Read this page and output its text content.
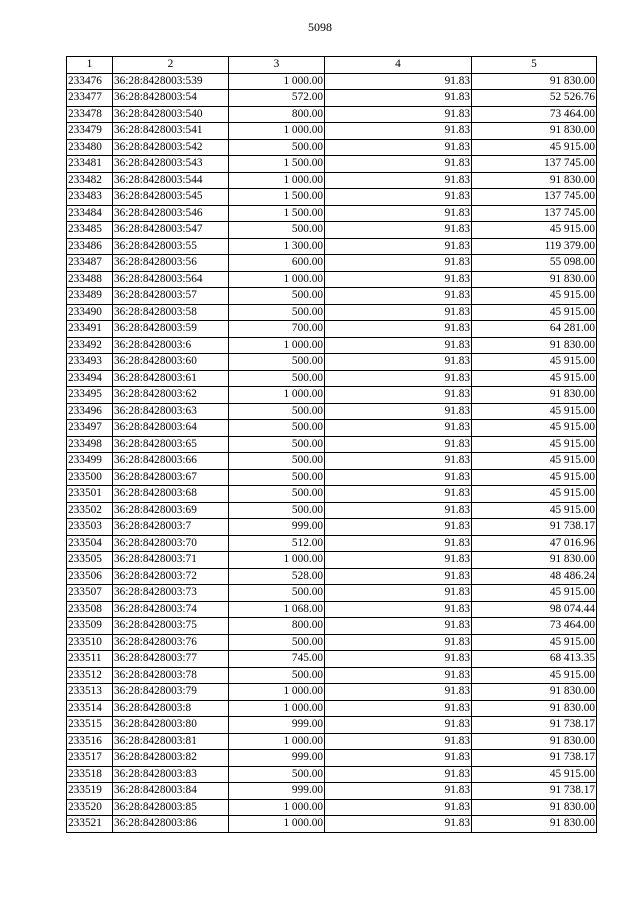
5098
1	2	3	4	5
233476	36:28:8428003:539	1 000.00	91.83	91 830.00
233477	36:28:8428003:54	572.00	91.83	52 526.76
233478	36:28:8428003:540	800.00	91.83	73 464.00
233479	36:28:8428003:541	1 000.00	91.83	91 830.00
233480	36:28:8428003:542	500.00	91.83	45 915.00
233481	36:28:8428003:543	1 500.00	91.83	137 745.00
233482	36:28:8428003:544	1 000.00	91.83	91 830.00
233483	36:28:8428003:545	1 500.00	91.83	137 745.00
233484	36:28:8428003:546	1 500.00	91.83	137 745.00
233485	36:28:8428003:547	500.00	91.83	45 915.00
233486	36:28:8428003:55	1 300.00	91.83	119 379.00
233487	36:28:8428003:56	600.00	91.83	55 098.00
233488	36:28:8428003:564	1 000.00	91.83	91 830.00
233489	36:28:8428003:57	500.00	91.83	45 915.00
233490	36:28:8428003:58	500.00	91.83	45 915.00
233491	36:28:8428003:59	700.00	91.83	64 281.00
233492	36:28:8428003:6	1 000.00	91.83	91 830.00
233493	36:28:8428003:60	500.00	91.83	45 915.00
233494	36:28:8428003:61	500.00	91.83	45 915.00
233495	36:28:8428003:62	1 000.00	91.83	91 830.00
233496	36:28:8428003:63	500.00	91.83	45 915.00
233497	36:28:8428003:64	500.00	91.83	45 915.00
233498	36:28:8428003:65	500.00	91.83	45 915.00
233499	36:28:8428003:66	500.00	91.83	45 915.00
233500	36:28:8428003:67	500.00	91.83	45 915.00
233501	36:28:8428003:68	500.00	91.83	45 915.00
233502	36:28:8428003:69	500.00	91.83	45 915.00
233503	36:28:8428003:7	999.00	91.83	91 738.17
233504	36:28:8428003:70	512.00	91.83	47 016.96
233505	36:28:8428003:71	1 000.00	91.83	91 830.00
233506	36:28:8428003:72	528.00	91.83	48 486.24
233507	36:28:8428003:73	500.00	91.83	45 915.00
233508	36:28:8428003:74	1 068.00	91.83	98 074.44
233509	36:28:8428003:75	800.00	91.83	73 464.00
233510	36:28:8428003:76	500.00	91.83	45 915.00
233511	36:28:8428003:77	745.00	91.83	68 413.35
233512	36:28:8428003:78	500.00	91.83	45 915.00
233513	36:28:8428003:79	1 000.00	91.83	91 830.00
233514	36:28:8428003:8	1 000.00	91.83	91 830.00
233515	36:28:8428003:80	999.00	91.83	91 738.17
233516	36:28:8428003:81	1 000.00	91.83	91 830.00
233517	36:28:8428003:82	999.00	91.83	91 738.17
233518	36:28:8428003:83	500.00	91.83	45 915.00
233519	36:28:8428003:84	999.00	91.83	91 738.17
233520	36:28:8428003:85	1 000.00	91.83	91 830.00
233521	36:28:8428003:86	1 000.00	91.83	91 830.00
